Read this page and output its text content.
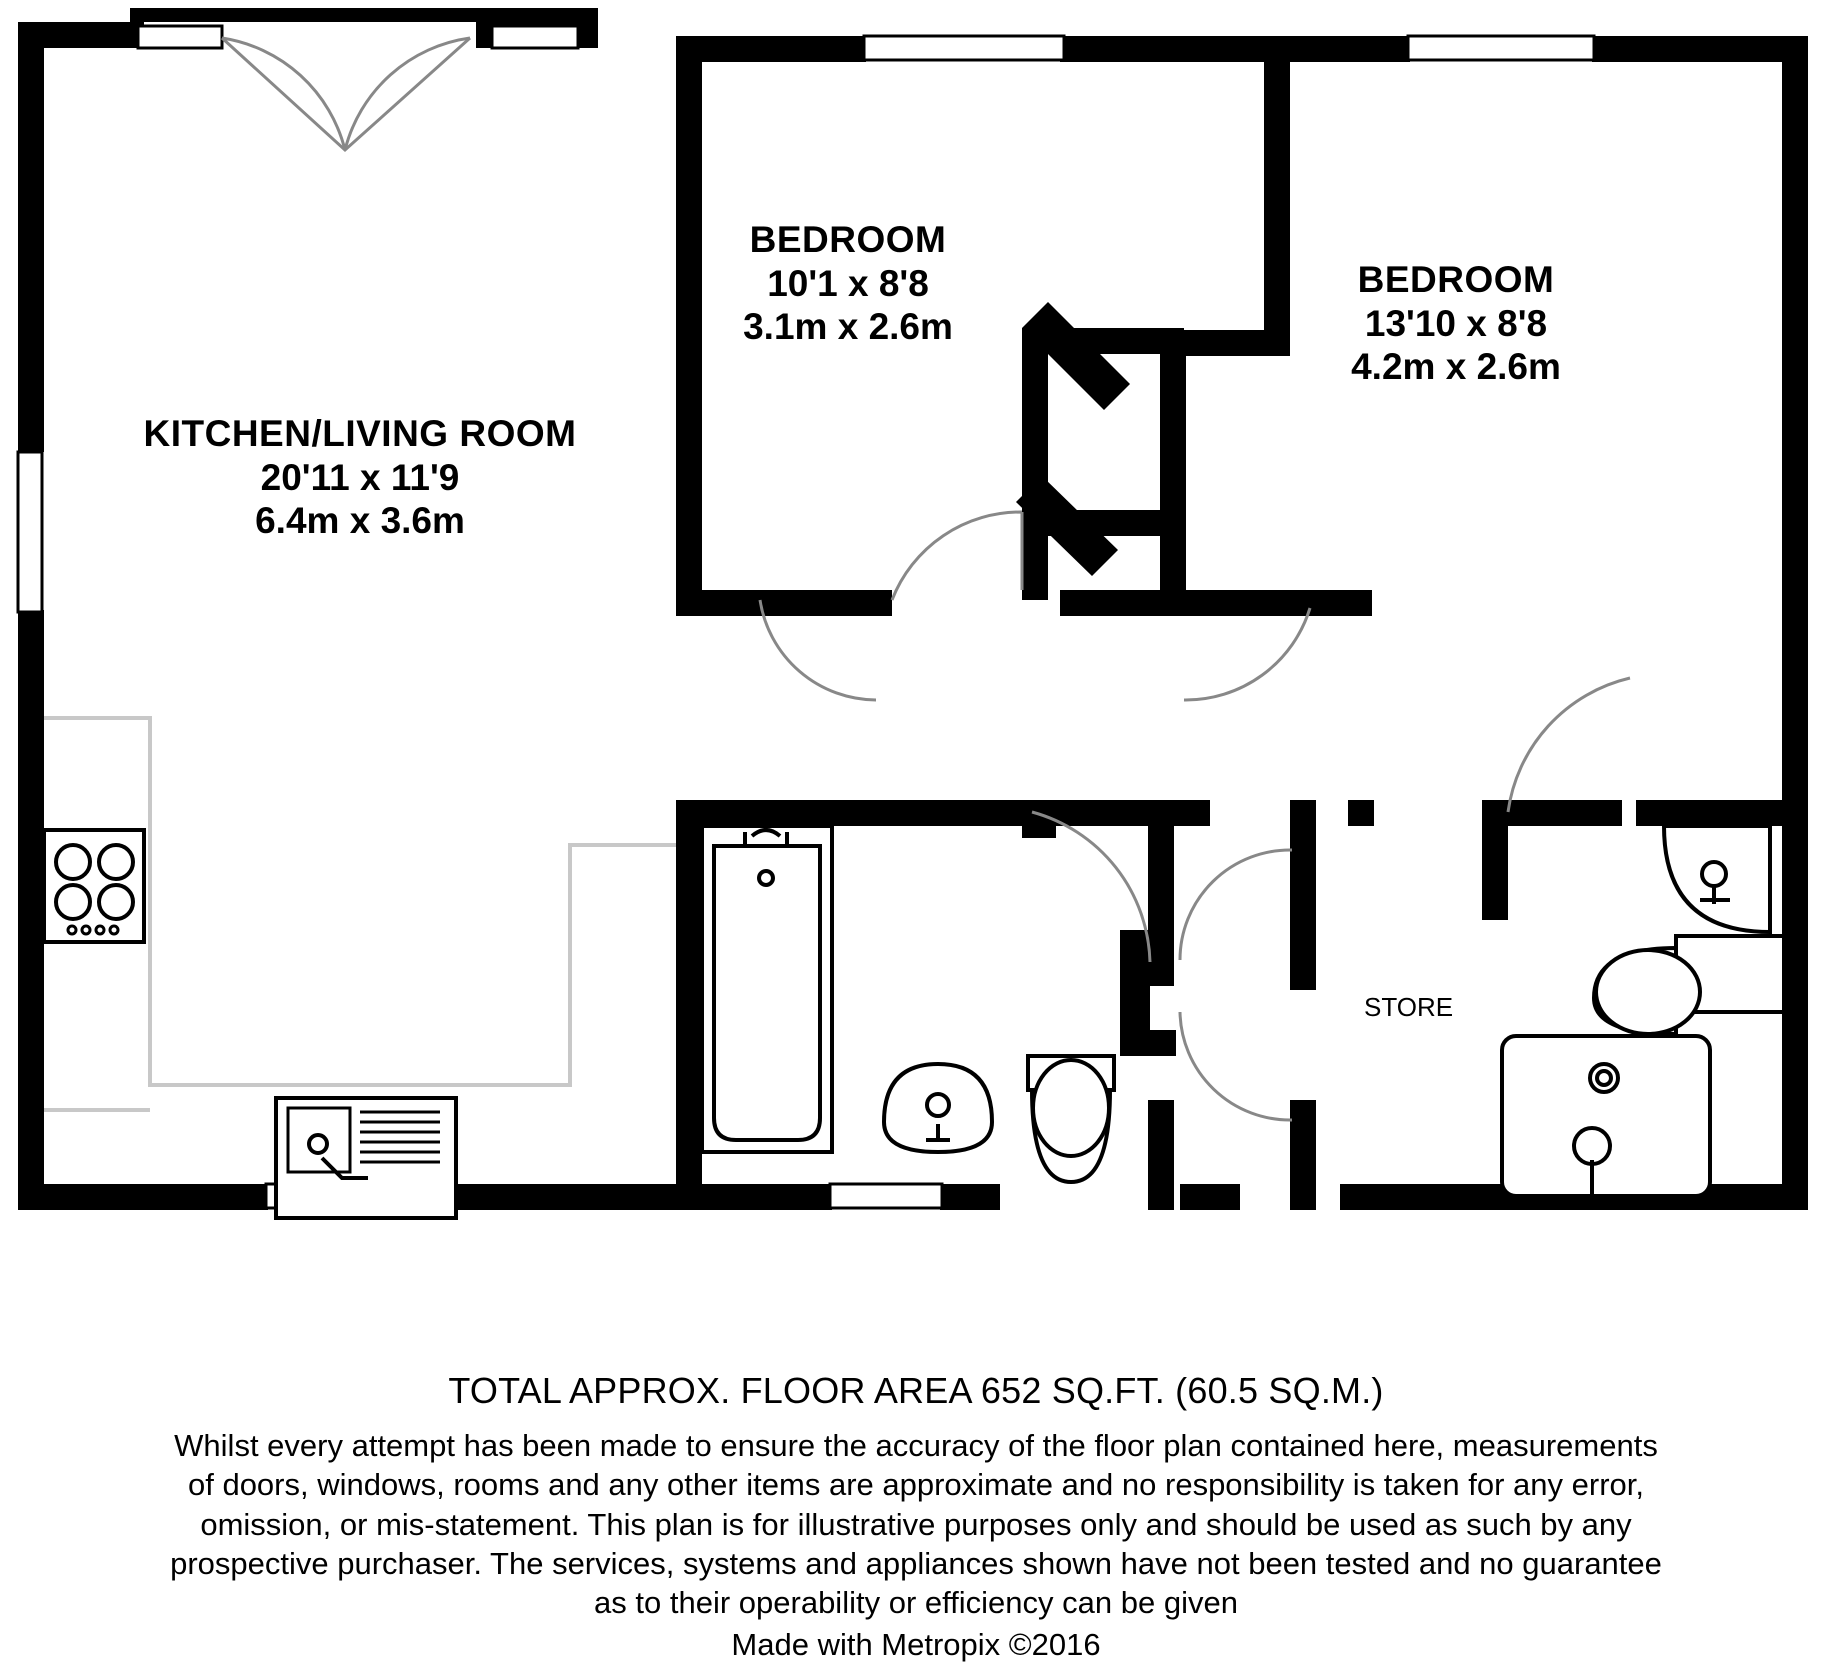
KITCHEN/LIVING ROOM
20'11 x 11'9
6.4m x 3.6m
BEDROOM
10'1 x 8'8
3.1m x 2.6m
BEDROOM
13'10 x 8'8
4.2m x 2.6m
STORE
TOTAL APPROX. FLOOR AREA 652 SQ.FT. (60.5 SQ.M.)
Whilst every attempt has been made to ensure the accuracy of the floor plan contained here, measurements
of doors, windows, rooms and any other items are approximate and no responsibility is taken for any error,
omission, or mis-statement. This plan is for illustrative purposes only and should be used as such by any
prospective purchaser. The services, systems and appliances shown have not been tested and no guarantee
as to their operability or efficiency can be given
Made with Metropix ©2016
